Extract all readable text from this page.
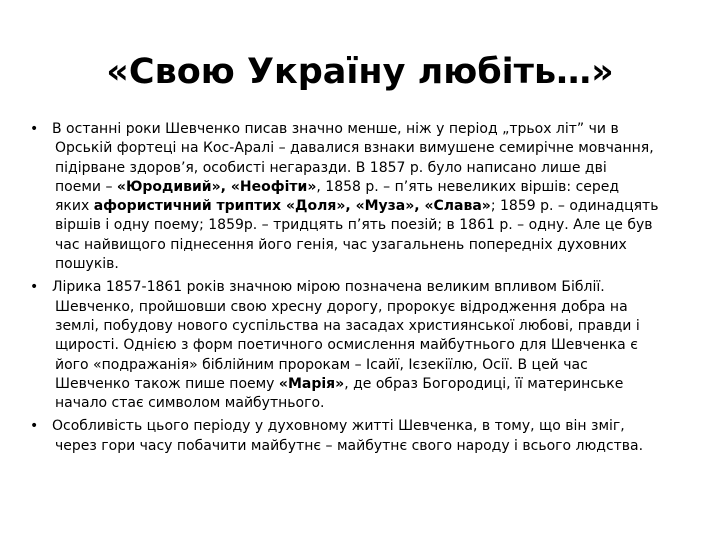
«Свою Україну любіть…»
• В останні роки Шевченко писав значно менше, ніж у період „трьох літ” чи в
Орській фортеці на Кос-Аралі – давалися взнаки вимушене семирічне мовчання,
підірване здоров’я, особисті негаразди. В 1857 р. було написано лише дві
поеми – «Юродивий», «Неофіти», 1858 р. – п’ять невеликих віршів: серед
яких афористичний триптих «Доля», «Муза», «Слава»; 1859 р. – одинадцять
віршів і одну поему; 1859р. – тридцять п’ять поезій; в 1861 р. – одну. Але це був
час найвищого піднесення його генія, час узагальнень попередніх духовних
пошуків.
• Лірика 1857-1861 років значною мірою позначена великим впливом Біблії.
Шевченко, пройшовши свою хресну дорогу, пророкує відродження добра на
землі, побудову нового суспільства на засадах християнської любові, правди і
щирості. Однією з форм поетичного осмислення майбутнього для Шевченка є
його «подражанія» біблійним пророкам – Ісайї, Ієзекіїлю, Осії. В цей час
Шевченко також пише поему «Марія», де образ Богородиці, її материнське
начало стає символом майбутнього.
• Особливість цього періоду у духовному житті Шевченка, в тому, що він зміг,
через гори часу побачити майбутнє – майбутнє свого народу і всього людства.
